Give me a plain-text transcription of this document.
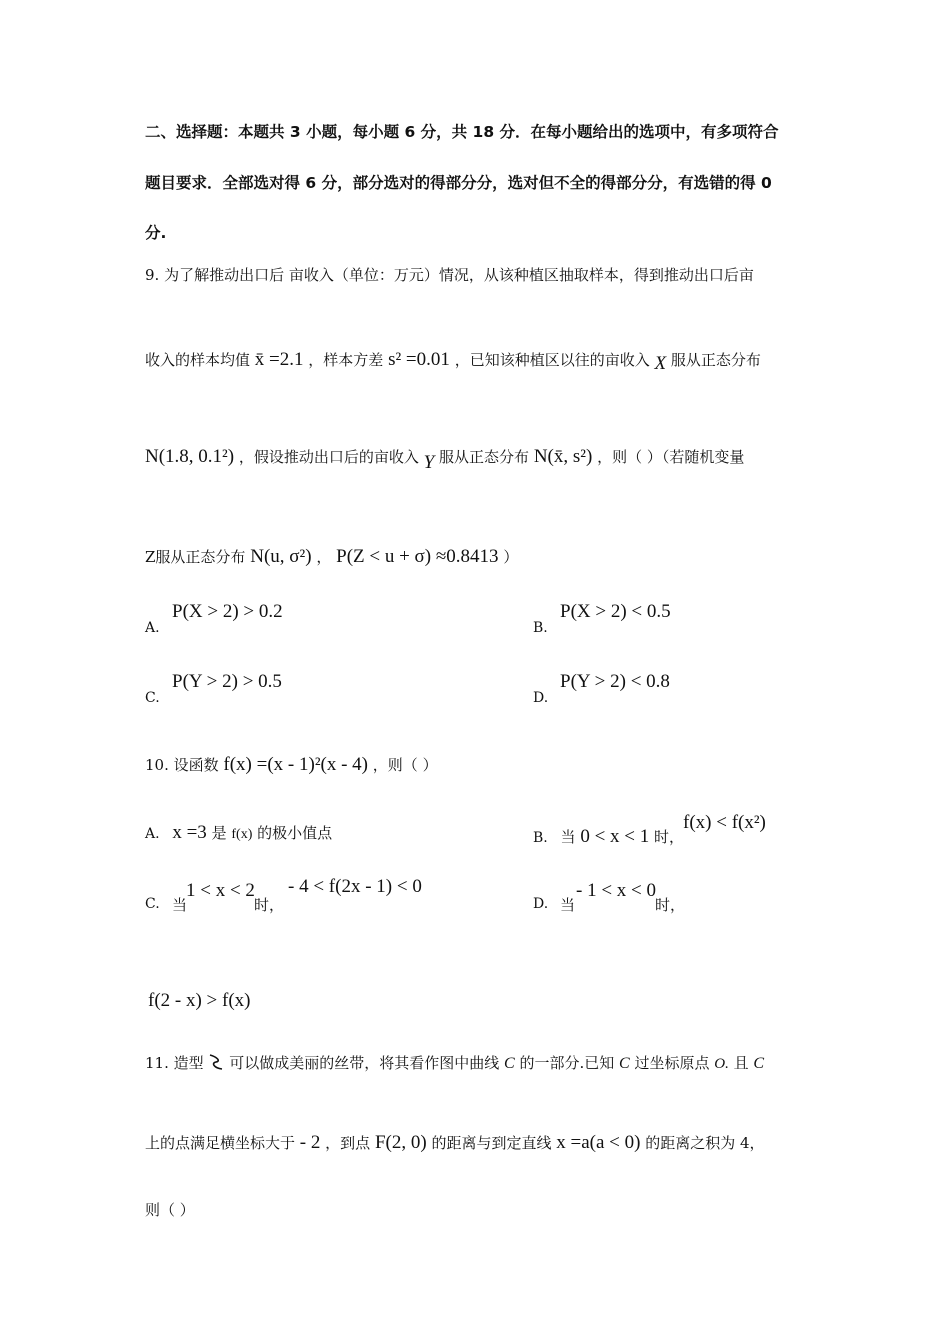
二、选择题：本题共 3 小题，每小题 6 分，共 18 分．在每小题给出的选项中，有多项符合
题目要求．全部选对得 6 分，部分选对的得部分分，选对但不全的得部分分，有选错的得 0
分.
9. 为了解推动出口后 亩收入（单位：万元）情况，从该种植区抽取样本，得到推动出口后亩
收入的样本均值 x̄ =2.1 ，样本方差 s² =0.01 ，已知该种植区以往的亩收入 X 服从正态分布
N(1.8, 0.1²) ，假设推动出口后的亩收入 Y 服从正态分布 N(x̄, s²) ，则（ ）（若随机变量
Z服从正态分布 N(u, σ²) ， P(Z < u + σ) ≈0.8413 ）
A.
P(X > 2) > 0.2
B.
P(X > 2) < 0.5
C.
P(Y > 2) > 0.5
D.
P(Y > 2) < 0.8
10. 设函数 f(x) =(x - 1)²(x - 4) ，则（ ）
A. x =3 是 f(x) 的极小值点	B. 当 0 < x < 1 时，
f(x) < f(x²)
C. 当
1 < x < 2
时，
- 4 < f(2x - 1) < 0
D. 当
- 1 < x < 0
时，
f(2 - x) > f(x)
11. 造型 可以做成美丽的丝带，将其看作图中曲线 C 的一部分.已知 C 过坐标原点 O. 且 C
上的点满足横坐标大于 - 2 ，到点 F(2, 0) 的距离与到定直线 x =a(a < 0) 的距离之积为 4，
则（ ）
